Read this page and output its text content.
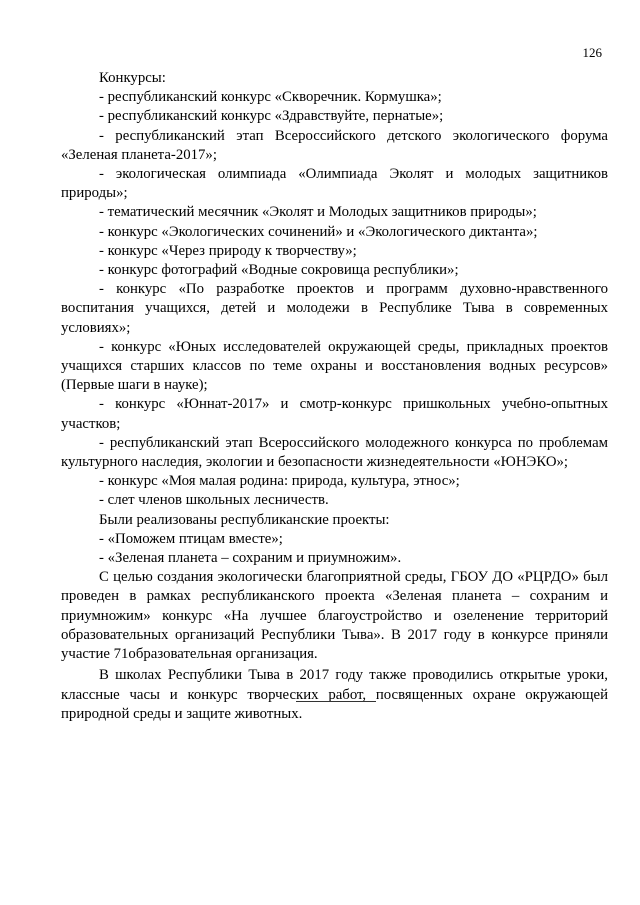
126

Конкурсы:

- республиканский конкурс «Скворечник. Кормушка»;

- республиканский конкурс «Здравствуйте, пернатые»;

- республиканский этап Всероссийского детского экологического форума «Зеленая планета-2017»;

- экологическая олимпиада «Олимпиада Эколят и молодых защитников природы»;

- тематический месячник «Эколят и Молодых защитников природы»;

- конкурс «Экологических сочинений» и «Экологического диктанта»;

- конкурс «Через природу к творчеству»;

- конкурс фотографий «Водные сокровища республики»;

- конкурс «По разработке проектов и программ духовно-нравственного воспитания учащихся, детей и молодежи в Республике Тыва в современных условиях»;

- конкурс «Юных исследователей окружающей среды, прикладных проектов учащихся старших классов по теме охраны и восстановления водных ресурсов» (Первые шаги в науке);

- конкурс «Юннат-2017» и смотр-конкурс пришкольных учебно-опытных участков;

- республиканский этап Всероссийского молодежного конкурса по проблемам культурного наследия, экологии и безопасности жизнедеятельности «ЮНЭКО»;

- конкурс «Моя малая родина: природа, культура, этнос»;

- слет членов школьных лесничеств.

Были реализованы республиканские проекты:

- «Поможем птицам вместе»;

- «Зеленая планета – сохраним и приумножим».

С целью создания экологически благоприятной среды, ГБОУ ДО «РЦРДО» был проведен в рамках республиканского проекта «Зеленая планета – сохраним и приумножим» конкурс «На лучшее благоустройство и озеленение территорий образовательных организаций Республики Тыва». В 2017 году в конкурсе приняли участие 71образовательная организация.

В школах Республики Тыва в 2017 году также проводились открытые уроки, классные часы и конкурс творческих работ, посвященных охране окружающей природной среды и защите животных.
